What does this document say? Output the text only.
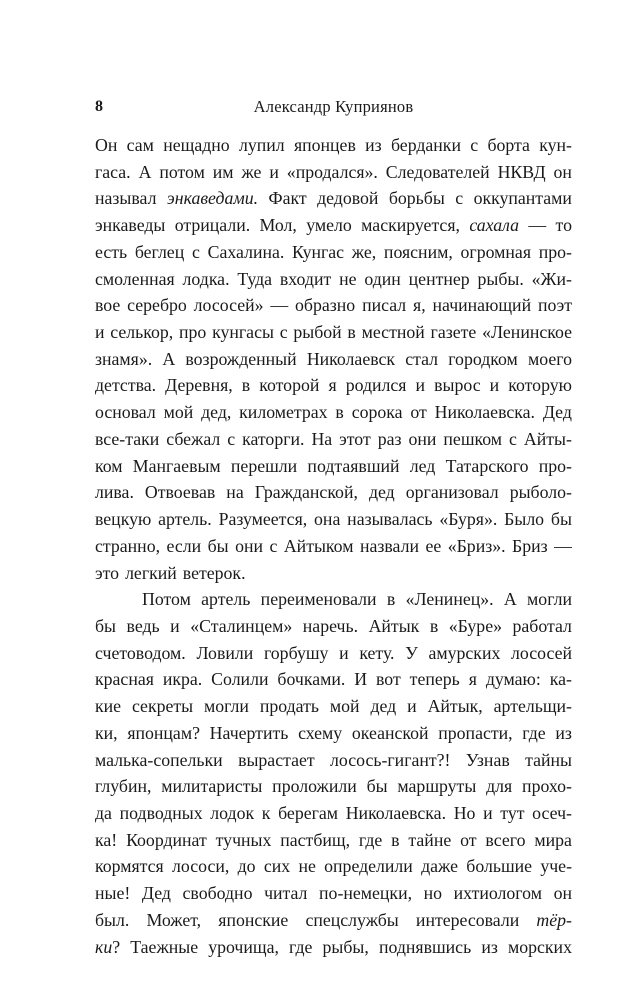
8	Александр Куприянов
Он сам нещадно лупил японцев из берданки с борта кун-
гаса. А потом им же и «продался». Следователей НКВД он
называл энкаведами. Факт дедовой борьбы с оккупантами
энкаведы отрицали. Мол, умело маскируется, сахала — то
есть беглец с Сахалина. Кунгас же, поясним, огромная про-
смоленная лодка. Туда входит не один центнер рыбы. «Жи-
вое серебро лососей» — образно писал я, начинающий поэт
и селькор, про кунгасы с рыбой в местной газете «Ленинское
знамя». А возрожденный Николаевск стал городком моего
детства. Деревня, в которой я родился и вырос и которую
основал мой дед, километрах в сорока от Николаевска. Дед
все-таки сбежал с каторги. На этот раз они пешком с Айты-
ком Мангаевым перешли подтаявший лед Татарского про-
лива. Отвоевав на Гражданской, дед организовал рыболо-
вецкую артель. Разумеется, она называлась «Буря». Было бы
странно, если бы они с Айтыком назвали ее «Бриз». Бриз —
это легкий ветерок.
Потом артель переименовали в «Ленинец». А могли
бы ведь и «Сталинцем» наречь. Айтык в «Буре» работал
счетоводом. Ловили горбушу и кету. У амурских лососей
красная икра. Солили бочками. И вот теперь я думаю: ка-
кие секреты могли продать мой дед и Айтык, артельщи-
ки, японцам? Начертить схему океанской пропасти, где из
малька-сопельки вырастает лосось-гигант?! Узнав тайны
глубин, милитаристы проложили бы маршруты для прохо-
да подводных лодок к берегам Николаевска. Но и тут осеч-
ка! Координат тучных пастбищ, где в тайне от всего мира
кормятся лососи, до сих не определили даже большие уче-
ные! Дед свободно читал по-немецки, но ихтиологом он
был. Может, японские спецслужбы интересовали тёр-
ки? Таежные урочища, где рыбы, поднявшись из морских
